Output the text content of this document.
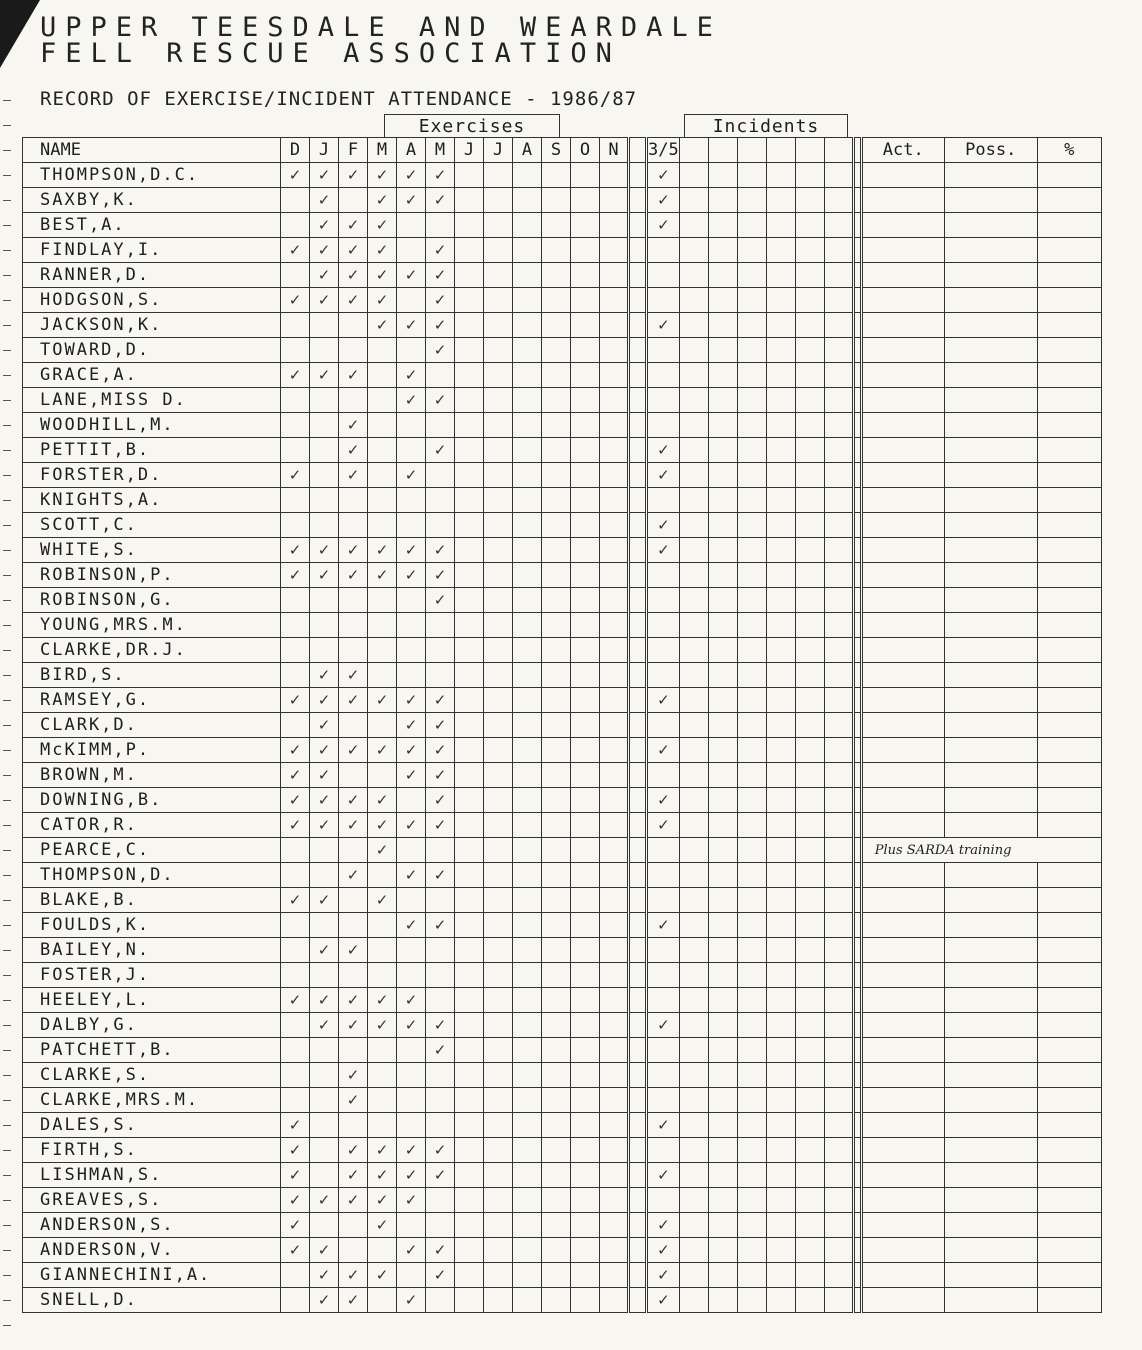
UPPER TEESDALE AND WEARDALE
FELL RESCUE ASSOCIATION
RECORD OF EXERCISE/INCIDENT ATTENDANCE - 1986/87
Exercises	Incidents
NAME	D	J	F	M	A	M	J	J	A	S	O	N		3/5								Act.	Poss.	%
THOMPSON,D.C.	✓	✓	✓	✓	✓	✓								✓										
SAXBY,K.		✓		✓	✓	✓								✓										
BEST,A.		✓	✓	✓										✓										
FINDLAY,I.	✓	✓	✓	✓		✓																		
RANNER,D.		✓	✓	✓	✓	✓																		
HODGSON,S.	✓	✓	✓	✓		✓																		
JACKSON,K.				✓	✓	✓								✓										
TOWARD,D.						✓																		
GRACE,A.	✓	✓	✓		✓																			
LANE,MISS D.					✓	✓																		
WOODHILL,M.			✓																					
PETTIT,B.			✓			✓								✓										
FORSTER,D.	✓		✓		✓									✓										
KNIGHTS,A.																								
SCOTT,C.														✓										
WHITE,S.	✓	✓	✓	✓	✓	✓								✓										
ROBINSON,P.	✓	✓	✓	✓	✓	✓																		
ROBINSON,G.						✓																		
YOUNG,MRS.M.																								
CLARKE,DR.J.																								
BIRD,S.		✓	✓																					
RAMSEY,G.	✓	✓	✓	✓	✓	✓								✓										
CLARK,D.		✓			✓	✓																		
McKIMM,P.	✓	✓	✓	✓	✓	✓								✓										
BROWN,M.	✓	✓			✓	✓																		
DOWNING,B.	✓	✓	✓	✓		✓								✓										
CATOR,R.	✓	✓	✓	✓	✓	✓								✓										
PEARCE,C.				✓																		Plus SARDA training		
THOMPSON,D.			✓		✓	✓																		
BLAKE,B.	✓	✓		✓																				
FOULDS,K.					✓	✓								✓										
BAILEY,N.		✓	✓																					
FOSTER,J.																								
HEELEY,L.	✓	✓	✓	✓	✓																			
DALBY,G.		✓	✓	✓	✓	✓								✓										
PATCHETT,B.						✓																		
CLARKE,S.			✓																					
CLARKE,MRS.M.			✓																					
DALES,S.	✓													✓										
FIRTH,S.	✓		✓	✓	✓	✓																		
LISHMAN,S.	✓		✓	✓	✓	✓								✓										
GREAVES,S.	✓	✓	✓	✓	✓																			
ANDERSON,S.	✓			✓										✓										
ANDERSON,V.	✓	✓			✓	✓								✓										
GIANNECHINI,A.		✓	✓	✓		✓								✓										
SNELL,D.		✓	✓		✓									✓										
